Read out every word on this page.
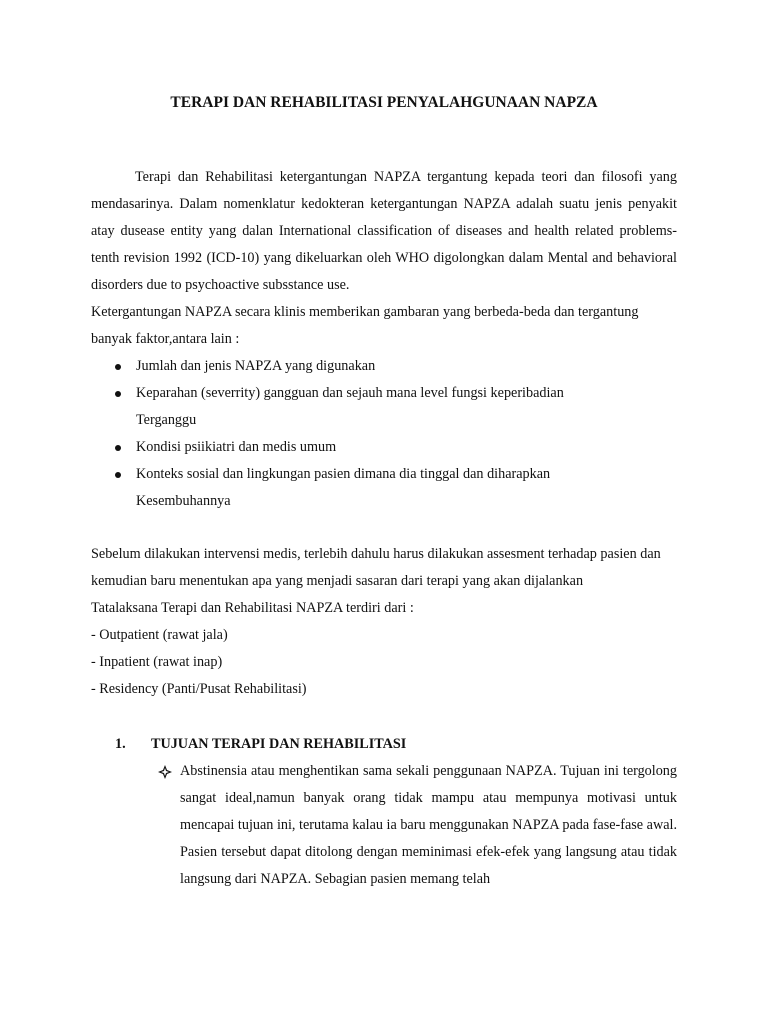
TERAPI DAN REHABILITASI PENYALAHGUNAAN NAPZA

Terapi dan Rehabilitasi ketergantungan NAPZA tergantung kepada teori dan filosofi yang mendasarinya. Dalam nomenklatur kedokteran ketergantungan NAPZA adalah suatu jenis penyakit atay dusease entity yang dalan International classification of diseases and health related problems-tenth revision 1992 (ICD-10) yang dikeluarkan oleh WHO digolongkan dalam Mental and behavioral disorders due to psychoactive subsstance use.

Ketergantungan NAPZA secara klinis memberikan gambaran yang berbeda-beda dan tergantung banyak faktor,antara lain :

Jumlah dan jenis NAPZA yang digunakan
Keparahan (severrity) gangguan dan sejauh mana level fungsi keperibadian Terganggu
Kondisi psiikiatri dan medis umum
Konteks sosial dan lingkungan pasien dimana dia tinggal dan diharapkan Kesembuhannya

Sebelum dilakukan intervensi medis, terlebih dahulu harus dilakukan assesment terhadap pasien dan kemudian baru menentukan apa yang menjadi sasaran dari terapi yang akan dijalankan

Tatalaksana Terapi dan Rehabilitasi NAPZA terdiri dari :

- Outpatient (rawat jala)

- Inpatient (rawat inap)

- Residency (Panti/Pusat Rehabilitasi)

1. TUJUAN TERAPI DAN REHABILITASI

Abstinensia atau menghentikan sama sekali penggunaan NAPZA. Tujuan ini tergolong sangat ideal,namun banyak orang tidak mampu atau mempunya motivasi untuk mencapai tujuan ini, terutama kalau ia baru menggunakan NAPZA pada fase-fase awal. Pasien tersebut dapat ditolong dengan meminimasi efek-efek yang langsung atau tidak langsung dari NAPZA. Sebagian pasien memang telah
